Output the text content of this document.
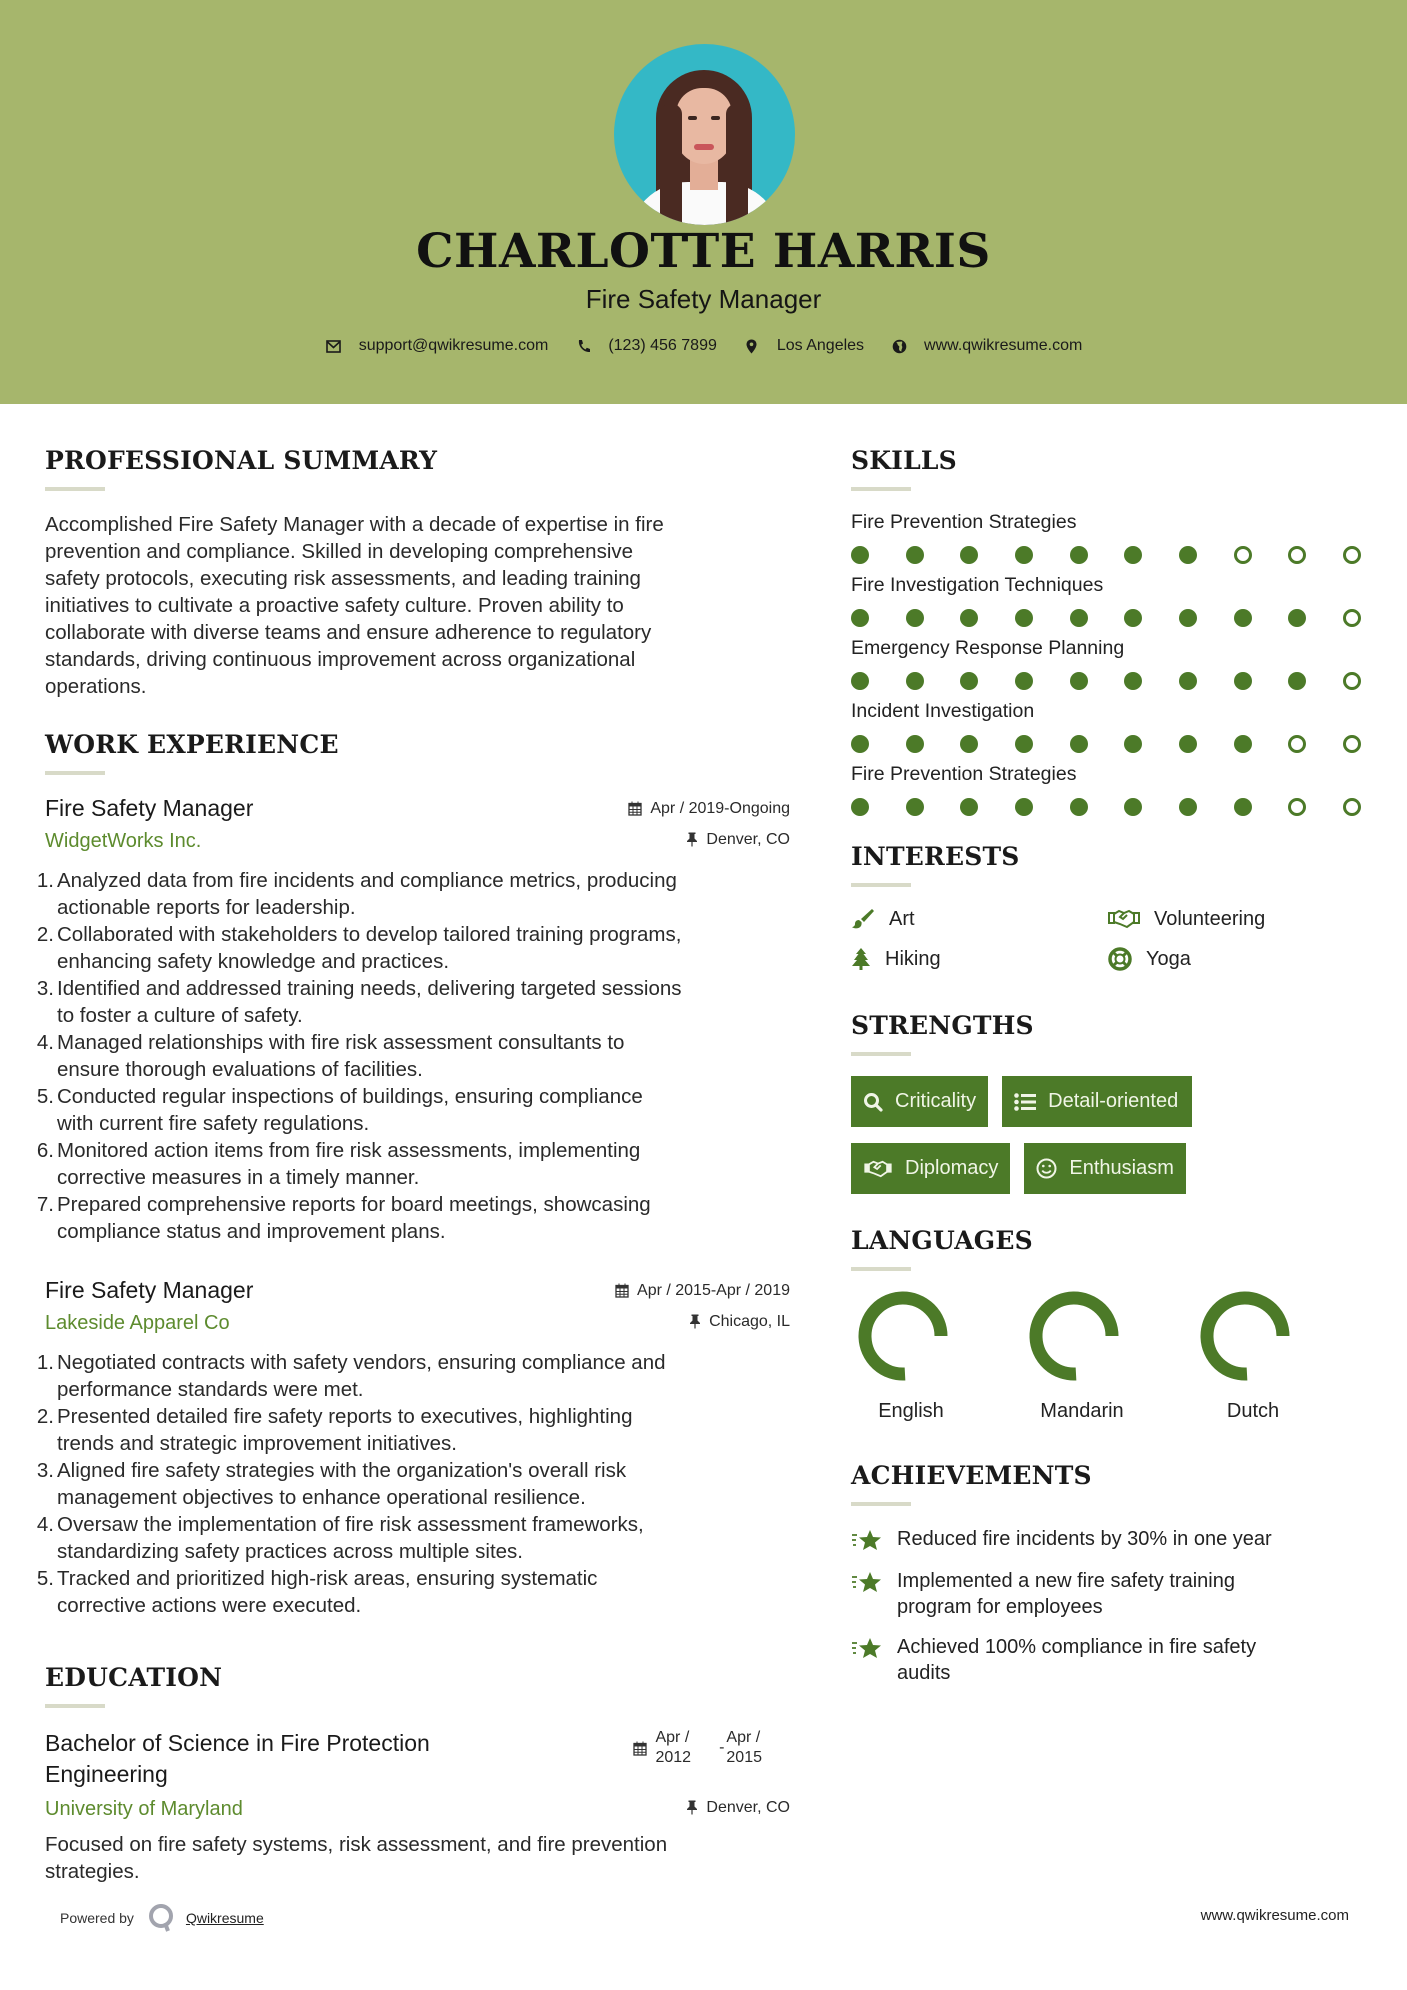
CHARLOTTE HARRIS
Fire Safety Manager
support@qwikresume.com	(123) 456 7899	Los Angeles	www.qwikresume.com
PROFESSIONAL SUMMARY
Accomplished Fire Safety Manager with a decade of expertise in fire
prevention and compliance. Skilled in developing comprehensive
safety protocols, executing risk assessments, and leading training
initiatives to cultivate a proactive safety culture. Proven ability to
collaborate with diverse teams and ensure adherence to regulatory
standards, driving continuous improvement across organizational
operations.
WORK EXPERIENCE
Fire Safety Manager	Apr / 2019-Ongoing
WidgetWorks Inc.	Denver, CO
1. Analyzed data from fire incidents and compliance metrics, producing
actionable reports for leadership.
2. Collaborated with stakeholders to develop tailored training programs,
enhancing safety knowledge and practices.
3. Identified and addressed training needs, delivering targeted sessions
to foster a culture of safety.
4. Managed relationships with fire risk assessment consultants to
ensure thorough evaluations of facilities.
5. Conducted regular inspections of buildings, ensuring compliance
with current fire safety regulations.
6. Monitored action items from fire risk assessments, implementing
corrective measures in a timely manner.
7. Prepared comprehensive reports for board meetings, showcasing
compliance status and improvement plans.
Fire Safety Manager	Apr / 2015-Apr / 2019
Lakeside Apparel Co	Chicago, IL
1. Negotiated contracts with safety vendors, ensuring compliance and
performance standards were met.
2. Presented detailed fire safety reports to executives, highlighting
trends and strategic improvement initiatives.
3. Aligned fire safety strategies with the organization's overall risk
management objectives to enhance operational resilience.
4. Oversaw the implementation of fire risk assessment frameworks,
standardizing safety practices across multiple sites.
5. Tracked and prioritized high-risk areas, ensuring systematic
corrective actions were executed.
EDUCATION
Bachelor of Science in Fire Protection
Engineering
Apr /
2012
-
Apr /
2015
University of Maryland	Denver, CO
Focused on fire safety systems, risk assessment, and fire prevention
strategies.
SKILLS
Fire Prevention Strategies
Fire Investigation Techniques
Emergency Response Planning
Incident Investigation
Fire Prevention Strategies
INTERESTS
Art	Volunteering
Hiking	Yoga
STRENGTHS
Criticality	Detail-oriented
Diplomacy	Enthusiasm
LANGUAGES
English	Mandarin	Dutch
ACHIEVEMENTS
Reduced fire incidents by 30% in one year
Implemented a new fire safety training
program for employees
Achieved 100% compliance in fire safety
audits
Powered by	Qwikresume	www.qwikresume.com
